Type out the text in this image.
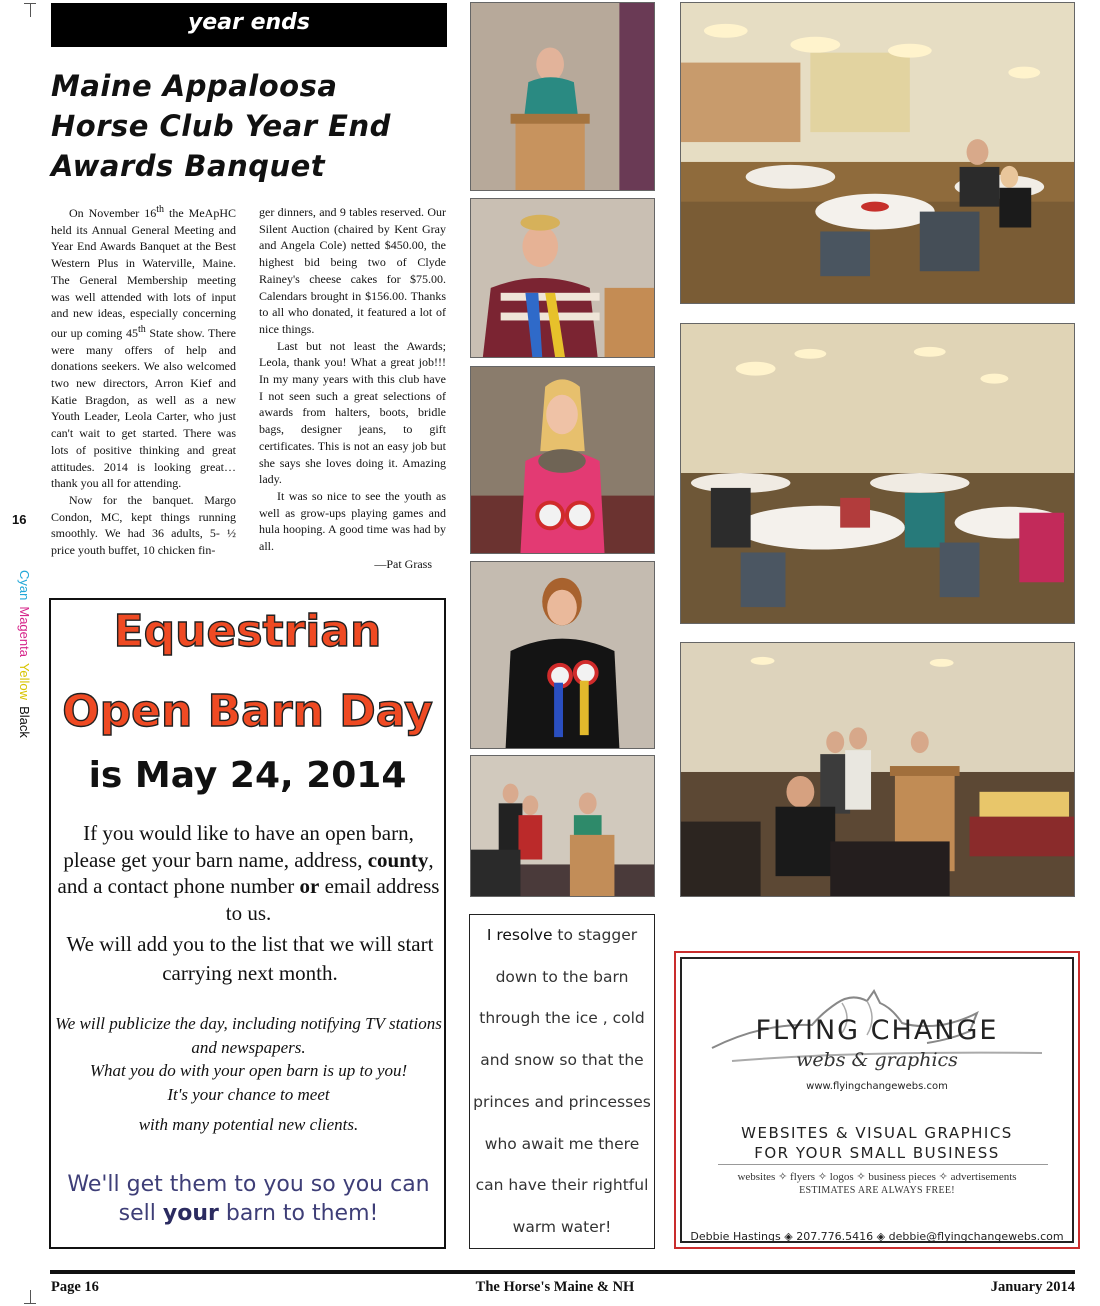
16
CyanMagentaYellowBlack
year ends
Maine Appaloosa
Horse Club Year End
Awards Banquet

On November 16th the MeApHC held its Annual General Meeting and Year End Awards Banquet at the Best Western Plus in Waterville, Maine. The General Membership meeting was well attended with lots of input and new ideas, especially concerning our up coming 45th State show. There were many offers of help and donations seekers. We also welcomed two new directors, Arron Kief and Katie Bragdon, as well as a new Youth Leader, Leola Carter, who just can't wait to get started. There was lots of positive thinking and great attitudes. 2014 is looking great… thank you all for attending.

Now for the banquet. Margo Condon, MC, kept things running smoothly. We had 36 adults, 5- ½ price youth buffet, 10 chicken fin-

ger dinners, and 9 tables reserved. Our Silent Auction (chaired by Kent Gray and Angela Cole) netted $450.00, the highest bid being two of Clyde Rainey's cheese cakes for $75.00. Calendars brought in $156.00. Thanks to all who donated, it featured a lot of nice things.

Last but not least the Awards; Leola, thank you! What a great job!!! In my many years with this club have I not seen such a great selections of awards from halters, boots, bridle bags, designer jeans, to gift certificates. This is not an easy job but she says she loves doing it. Amazing lady.

It was so nice to see the youth as well as grow-ups playing games and hula hooping. A good time was had by all.

—Pat Grass

Equestrian
Open Barn Day
is May 24, 2014
If you would like to have an open barn, please get your barn name, address, county, and a contact phone number or email address to us.
We will add you to the list that we will start carrying next month.
We will publicize the day, including notifying TV stations and newspapers.
What you do with your open barn is up to you!
It's your chance to meet
with many potential new clients.
We'll get them to you so you can sell your barn to them!
I resolve to stagger down to the barn through the ice , cold and snow so that the princes and princesses who await me there can have their rightful warm water!
FLYING CHANGE
webs & graphics
www.flyingchangewebs.com
WEBSITES & VISUAL GRAPHICS
FOR YOUR SMALL BUSINESS
websites ✧ flyers ✧ logos ✧ business pieces ✧ advertisements
ESTIMATES ARE ALWAYS FREE!
Debbie Hastings ◈ 207.776.5416 ◈ debbie@flyingchangewebs.com
Page 16	The Horse's Maine & NH	January 2014
